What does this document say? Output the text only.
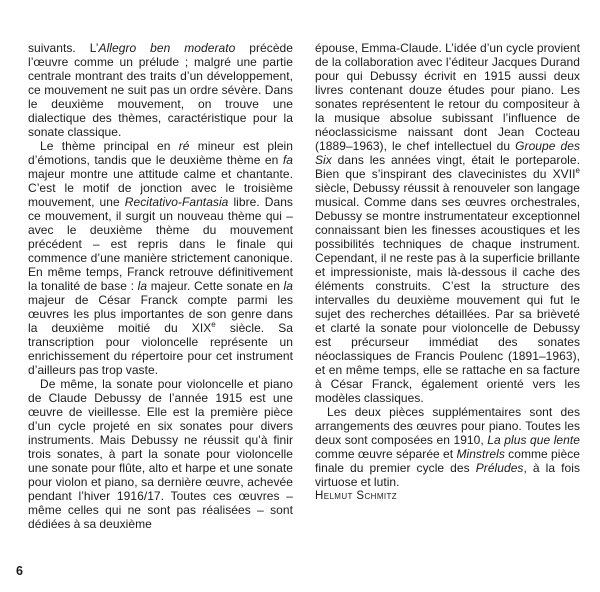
suivants. L’Allegro ben moderato précède l’œuvre comme un prélude ; malgré une partie centrale montrant des traits d’un développement, ce mouvement ne suit pas un ordre sévère. Dans le deuxième mouvement, on trouve une dialectique des thèmes, caractéristique pour la sonate classique.

Le thème principal en ré mineur est plein d’émotions, tandis que le deuxième thème en fa majeur montre une attitude calme et chantante. C’est le motif de jonction avec le troisième mouvement, une Recitativo-Fantasia libre. Dans ce mouvement, il surgit un nouveau thème qui – avec le deuxième thème du mouvement précédent – est repris dans le finale qui commence d’une manière strictement canonique. En même temps, Franck retrouve définitivement la tonalité de base : la majeur. Cette sonate en la majeur de César Franck compte parmi les œuvres les plus importantes de son genre dans la deuxième moitié du XIXe siècle. Sa transcription pour violoncelle représente un enrichissement du répertoire pour cet instrument d’ailleurs pas trop vaste.

De même, la sonate pour violoncelle et piano de Claude Debussy de l’année 1915 est une œuvre de vieillesse. Elle est la première pièce d’un cycle projeté en six sonates pour divers instruments. Mais Debussy ne réussit qu’à finir trois sonates, à part la sonate pour violoncelle une sonate pour flûte, alto et harpe et une sonate pour violon et piano, sa dernière œuvre, achevée pendant l’hiver 1916/17. Toutes ces œuvres – même celles qui ne sont pas réalisées – sont dédiées à sa deuxième

épouse, Emma-Claude. L’idée d’un cycle provient de la collaboration avec l’éditeur Jacques Durand pour qui Debussy écrivit en 1915 aussi deux livres contenant douze études pour piano. Les sonates représentent le retour du compositeur à la musique absolue subissant l’influence de néoclassicisme naissant dont Jean Cocteau (1889–1963), le chef intellectuel du Groupe des Six dans les années vingt, était le porteparole. Bien que s’inspirant des clavecinistes du XVIIe siècle, Debussy réussit à renouveler son langage musical. Comme dans ses œuvres orchestrales, Debussy se montre instrumentateur exceptionnel connaissant bien les finesses acoustiques et les possibilités techniques de chaque instrument. Cependant, il ne reste pas à la superficie brillante et impressioniste, mais là-dessous il cache des éléments construits. C’est la structure des intervalles du deuxième mouvement qui fut le sujet des recherches détaillées. Par sa brièveté et clarté la sonate pour violoncelle de Debussy est précurseur immédiat des sonates néoclassiques de Francis Poulenc (1891–1963), et en même temps, elle se rattache en sa facture à César Franck, également orienté vers les modèles classiques.

Les deux pièces supplémentaires sont des arrangements des œuvres pour piano. Toutes les deux sont composées en 1910, La plus que lente comme œuvre séparée et Minstrels comme pièce finale du premier cycle des Préludes, à la fois virtuose et lutin.

Helmut Schmitz

6
